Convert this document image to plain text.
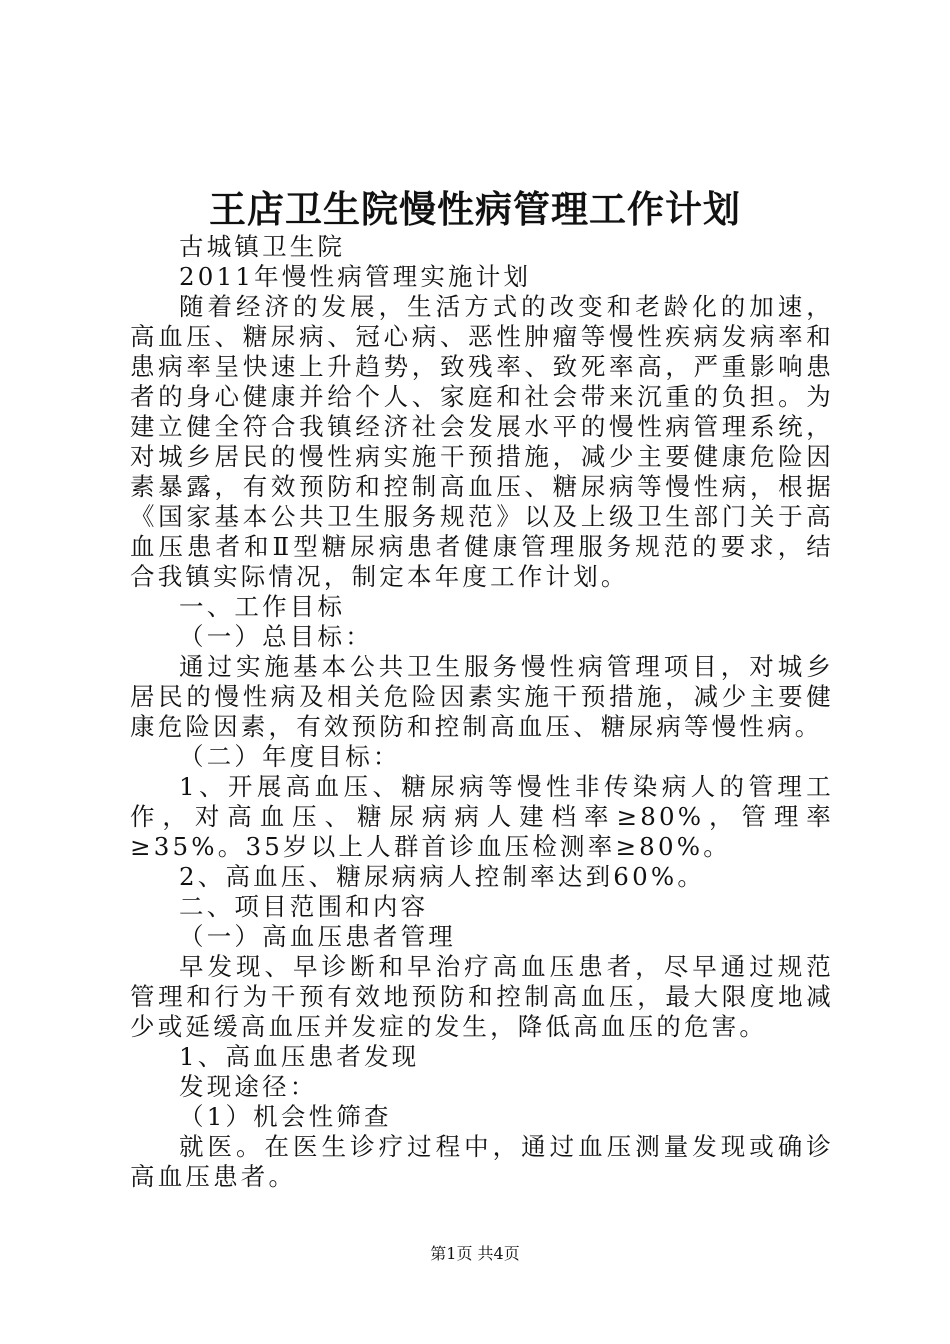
王店卫生院慢性病管理工作计划

古城镇卫生院

2011年慢性病管理实施计划

随着经济的发展，生活方式的改变和老龄化的加速，高血压、糖尿病、冠心病、恶性肿瘤等慢性疾病发病率和患病率呈快速上升趋势，致残率、致死率高，严重影响患者的身心健康并给个人、家庭和社会带来沉重的负担。为建立健全符合我镇经济社会发展水平的慢性病管理系统，对城乡居民的慢性病实施干预措施，减少主要健康危险因素暴露，有效预防和控制高血压、糖尿病等慢性病，根据《国家基本公共卫生服务规范》以及上级卫生部门关于高血压患者和Ⅱ型糖尿病患者健康管理服务规范的要求，结合我镇实际情况，制定本年度工作计划。

一、工作目标

（一）总目标：

通过实施基本公共卫生服务慢性病管理项目，对城乡居民的慢性病及相关危险因素实施干预措施，减少主要健康危险因素，有效预防和控制高血压、糖尿病等慢性病。

（二）年度目标：

1、开展高血压、糖尿病等慢性非传染病人的管理工作，对高血压、糖尿病病人建档率≥80%，管理率≥35%。35岁以上人群首诊血压检测率≥80%。

2、高血压、糖尿病病人控制率达到60%。

二、项目范围和内容

（一）高血压患者管理

早发现、早诊断和早治疗高血压患者，尽早通过规范管理和行为干预有效地预防和控制高血压，最大限度地减少或延缓高血压并发症的发生，降低高血压的危害。

1、高血压患者发现

发现途径：

（1）机会性筛查

就医。在医生诊疗过程中，通过血压测量发现或确诊高血压患者。

第1页 共4页
